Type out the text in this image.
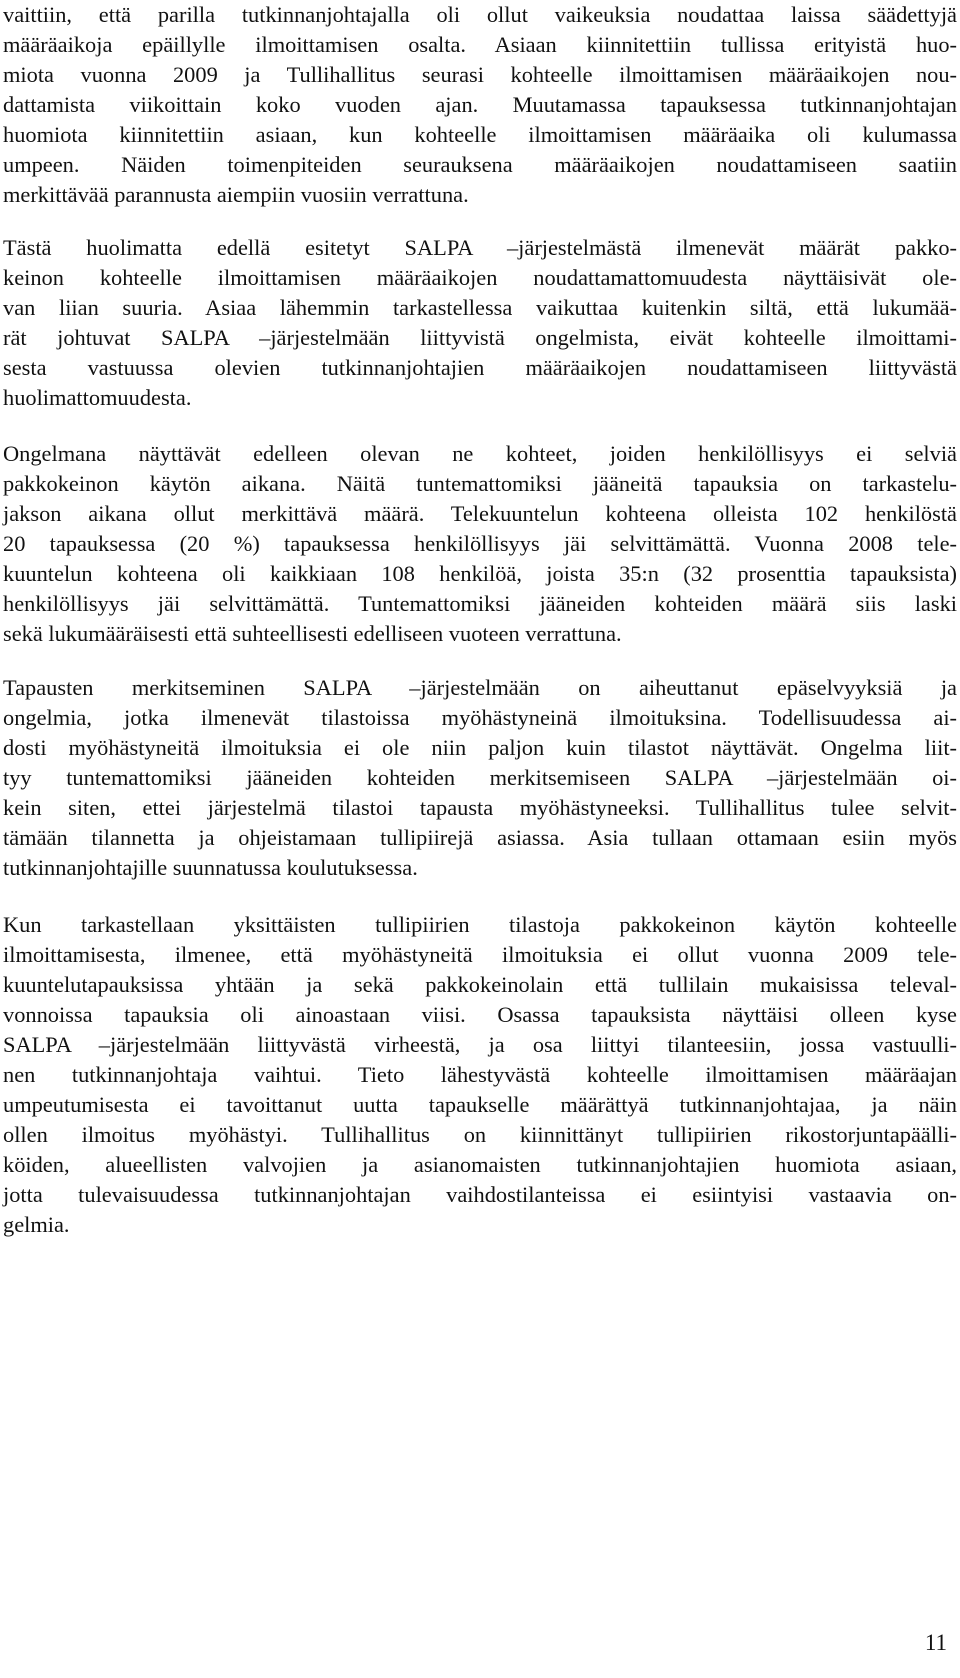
vaittiin, että parilla tutkinnanjohtajalla oli ollut vaikeuksia noudattaa laissa säädettyjä
määräaikoja epäillylle ilmoittamisen osalta. Asiaan kiinnitettiin tullissa erityistä huo-
miota vuonna 2009 ja Tullihallitus seurasi kohteelle ilmoittamisen määräaikojen nou-
dattamista viikoittain koko vuoden ajan. Muutamassa tapauksessa tutkinnanjohtajan
huomiota kiinnitettiin asiaan, kun kohteelle ilmoittamisen määräaika oli kulumassa
umpeen. Näiden toimenpiteiden seurauksena määräaikojen noudattamiseen saatiin
merkittävää parannusta aiempiin vuosiin verrattuna.
Tästä huolimatta edellä esitetyt SALPA –järjestelmästä ilmenevät määrät pakko-
keinon kohteelle ilmoittamisen määräaikojen noudattamattomuudesta näyttäisivät ole-
van liian suuria. Asiaa lähemmin tarkastellessa vaikuttaa kuitenkin siltä, että lukumää-
rät johtuvat SALPA –järjestelmään liittyvistä ongelmista, eivät kohteelle ilmoittami-
sesta vastuussa olevien tutkinnanjohtajien määräaikojen noudattamiseen liittyvästä
huolimattomuudesta.
Ongelmana näyttävät edelleen olevan ne kohteet, joiden henkilöllisyys ei selviä
pakkokeinon käytön aikana. Näitä tuntemattomiksi jääneitä tapauksia on tarkastelu-
jakson aikana ollut merkittävä määrä. Telekuuntelun kohteena olleista 102 henkilöstä
20 tapauksessa (20 %) tapauksessa henkilöllisyys jäi selvittämättä. Vuonna 2008 tele-
kuuntelun kohteena oli kaikkiaan 108 henkilöä, joista 35:n (32 prosenttia tapauksista)
henkilöllisyys jäi selvittämättä. Tuntemattomiksi jääneiden kohteiden määrä siis laski
sekä lukumääräisesti että suhteellisesti edelliseen vuoteen verrattuna.
Tapausten merkitseminen SALPA –järjestelmään on aiheuttanut epäselvyyksiä ja
ongelmia, jotka ilmenevät tilastoissa myöhästyneinä ilmoituksina. Todellisuudessa ai-
dosti myöhästyneitä ilmoituksia ei ole niin paljon kuin tilastot näyttävät. Ongelma liit-
tyy tuntemattomiksi jääneiden kohteiden merkitsemiseen SALPA –järjestelmään oi-
kein siten, ettei järjestelmä tilastoi tapausta myöhästyneeksi. Tullihallitus tulee selvit-
tämään tilannetta ja ohjeistamaan tullipiirejä asiassa. Asia tullaan ottamaan esiin myös
tutkinnanjohtajille suunnatussa koulutuksessa.
Kun tarkastellaan yksittäisten tullipiirien tilastoja pakkokeinon käytön kohteelle
ilmoittamisesta, ilmenee, että myöhästyneitä ilmoituksia ei ollut vuonna 2009 tele-
kuuntelutapauksissa yhtään ja sekä pakkokeinolain että tullilain mukaisissa televal-
vonnoissa tapauksia oli ainoastaan viisi. Osassa tapauksista näyttäisi olleen kyse
SALPA –järjestelmään liittyvästä virheestä, ja osa liittyi tilanteesiin, jossa vastuulli-
nen tutkinnanjohtaja vaihtui. Tieto lähestyvästä kohteelle ilmoittamisen määräajan
umpeutumisesta ei tavoittanut uutta tapaukselle määrättyä tutkinnanjohtajaa, ja näin
ollen ilmoitus myöhästyi. Tullihallitus on kiinnittänyt tullipiirien rikostorjuntapäälli-
köiden, alueellisten valvojien ja asianomaisten tutkinnanjohtajien huomiota asiaan,
jotta tulevaisuudessa tutkinnanjohtajan vaihdostilanteissa ei esiintyisi vastaavia on-
gelmia.
11
